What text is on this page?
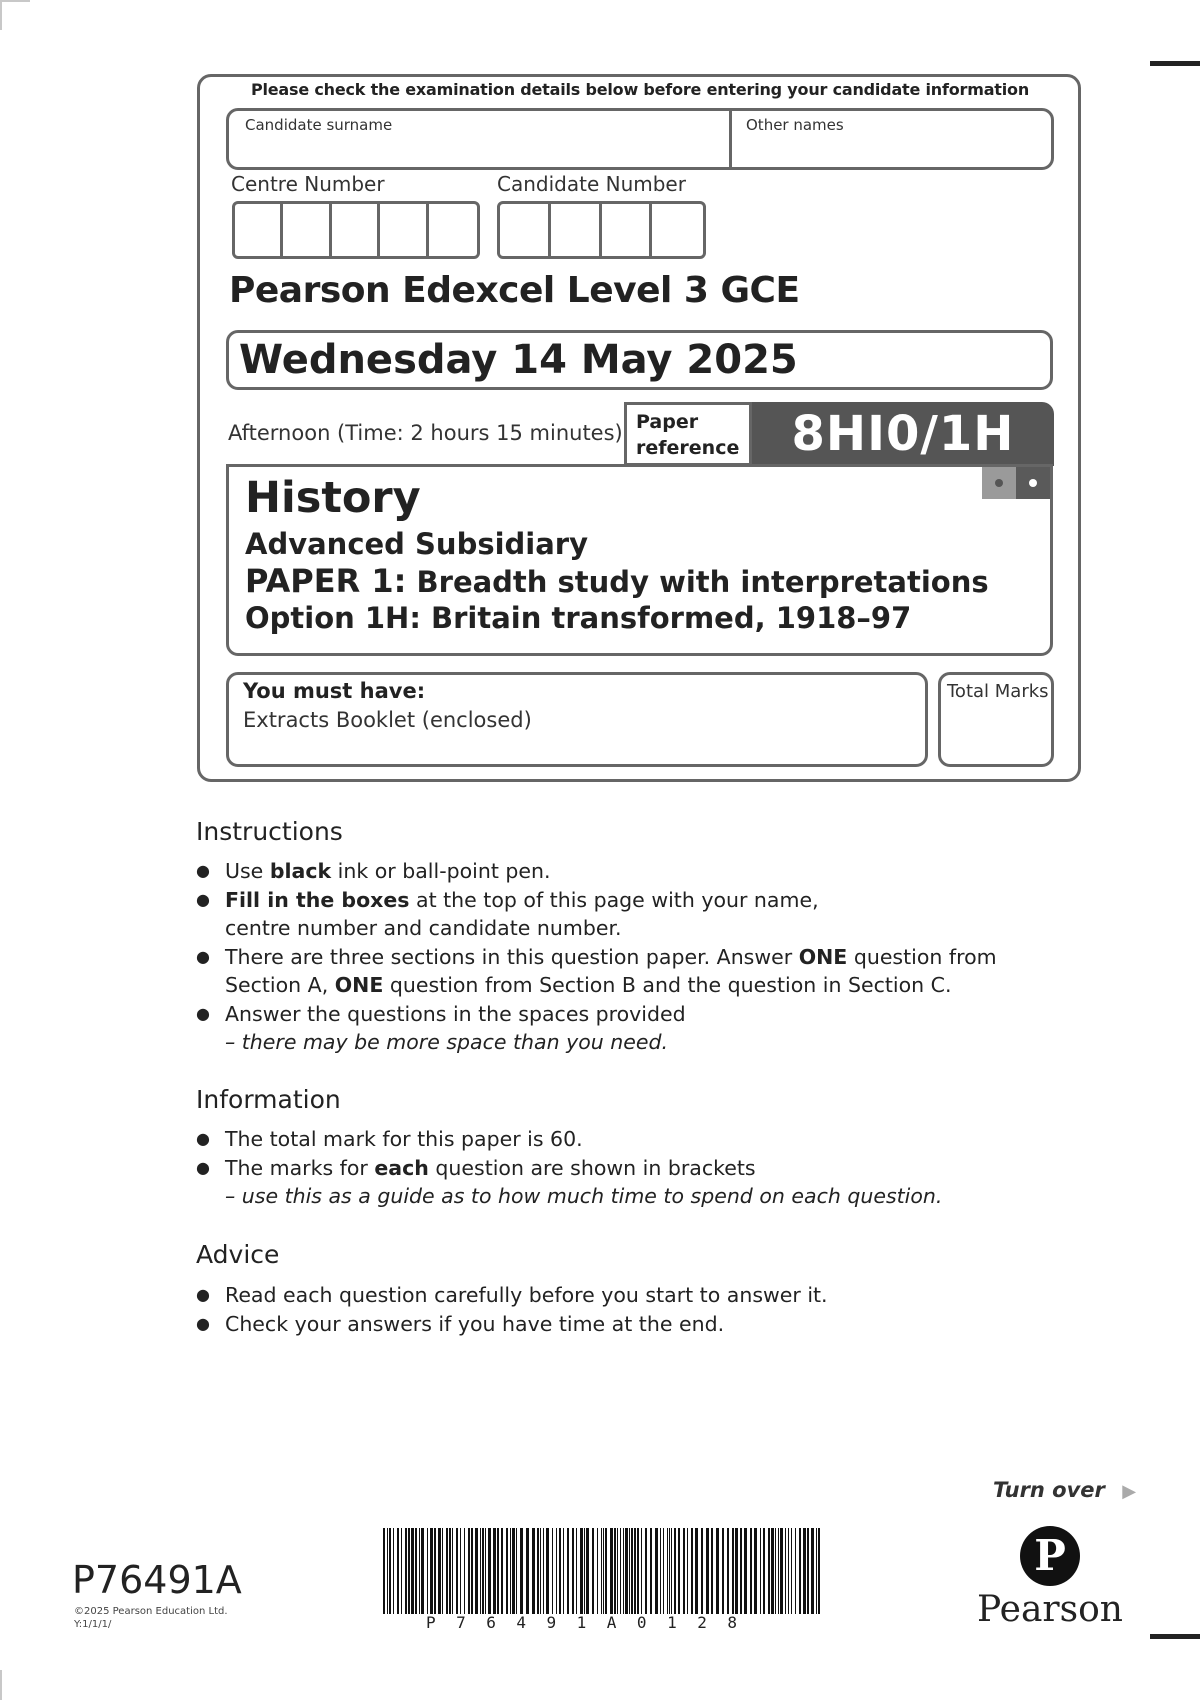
Please check the examination details below before entering your candidate information
Candidate surname	Other names
Centre Number	Candidate Number
Pearson Edexcel Level 3 GCE
Wednesday 14 May 2025
Afternoon (Time: 2 hours 15 minutes) Paper
reference	8HI0/1H
History
Advanced Subsidiary
PAPER 1: Breadth study with interpretations
Option 1H: Britain transformed, 1918–97
You must have:
Extracts Booklet (enclosed)
Total Marks
Instructions
● Use black ink or ball-point pen.
● Fill in the boxes at the top of this page with your name,
centre number and candidate number.
● There are three sections in this question paper. Answer ONE question from
Section A, ONE question from Section B and the question in Section C.
● Answer the questions in the spaces provided
– there may be more space than you need.
Information
● The total mark for this paper is 60.
● The marks for each question are shown in brackets
– use this as a guide as to how much time to spend on each question.
Advice
● Read each question carefully before you start to answer it.
● Check your answers if you have time at the end.
Turn over ▶
P76491A0128
P76491A
©2025 Pearson Education Ltd.
Y:1/1/1/
P
Pearson
